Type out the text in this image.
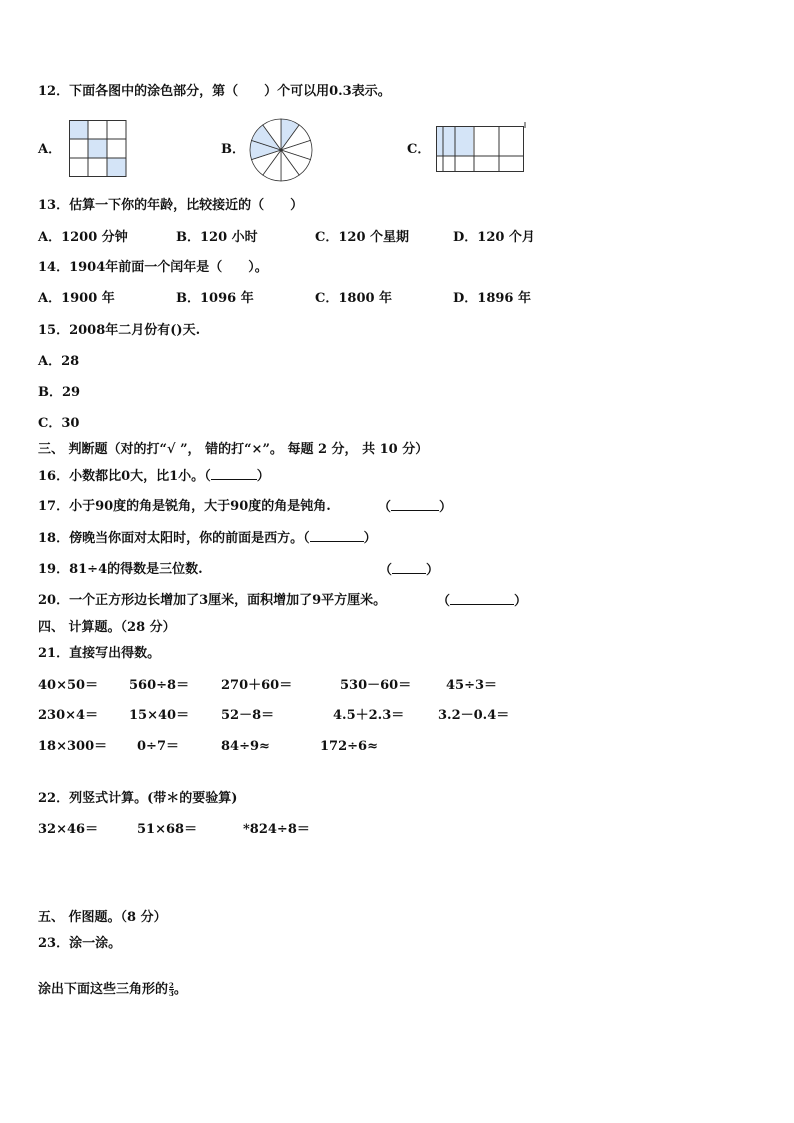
12．下面各图中的涂色部分，第（　　）个可以用0.3表示。
A．	B．	C．
13．估算一下你的年龄，比较接近的（　　）
A．1200 分钟	B．120 小时	C．120 个星期	D．120 个月
14．1904年前面一个闰年是（　　）。
A．1900 年	B．1096 年	C．1800 年	D．1896 年
15．2008年二月份有()天.
A．28
B．29
C．30
三、 判断题（对的打“√ ”， 错的打“×”。 每题 2 分， 共 10 分）
16．小数都比0大，比1小。（	）
17．小于90度的角是锐角，大于90度的角是钝角.	（	）
18．傍晚当你面对太阳时，你的前面是西方。（	）
19．81÷4的得数是三位数.	（	）
20．一个正方形边长增加了3厘米，面积增加了9平方厘米。	（	）
四、 计算题。（28 分）
21．直接写出得数。
40×50＝ 560÷8＝ 270＋60＝	530－60＝	45÷3＝
230×4＝ 15×40＝ 52－8＝	4.5＋2.3＝	3.2－0.4＝
18×300＝ 0÷7＝	84÷9≈	172÷6≈
22．列竖式计算。(带＊的要验算)
32×46＝	51×68＝	*824÷8＝
五、 作图题。（8 分）
23．涂一涂。
涂出下面这些三角形的 $\frac{2}{3}$ 。
